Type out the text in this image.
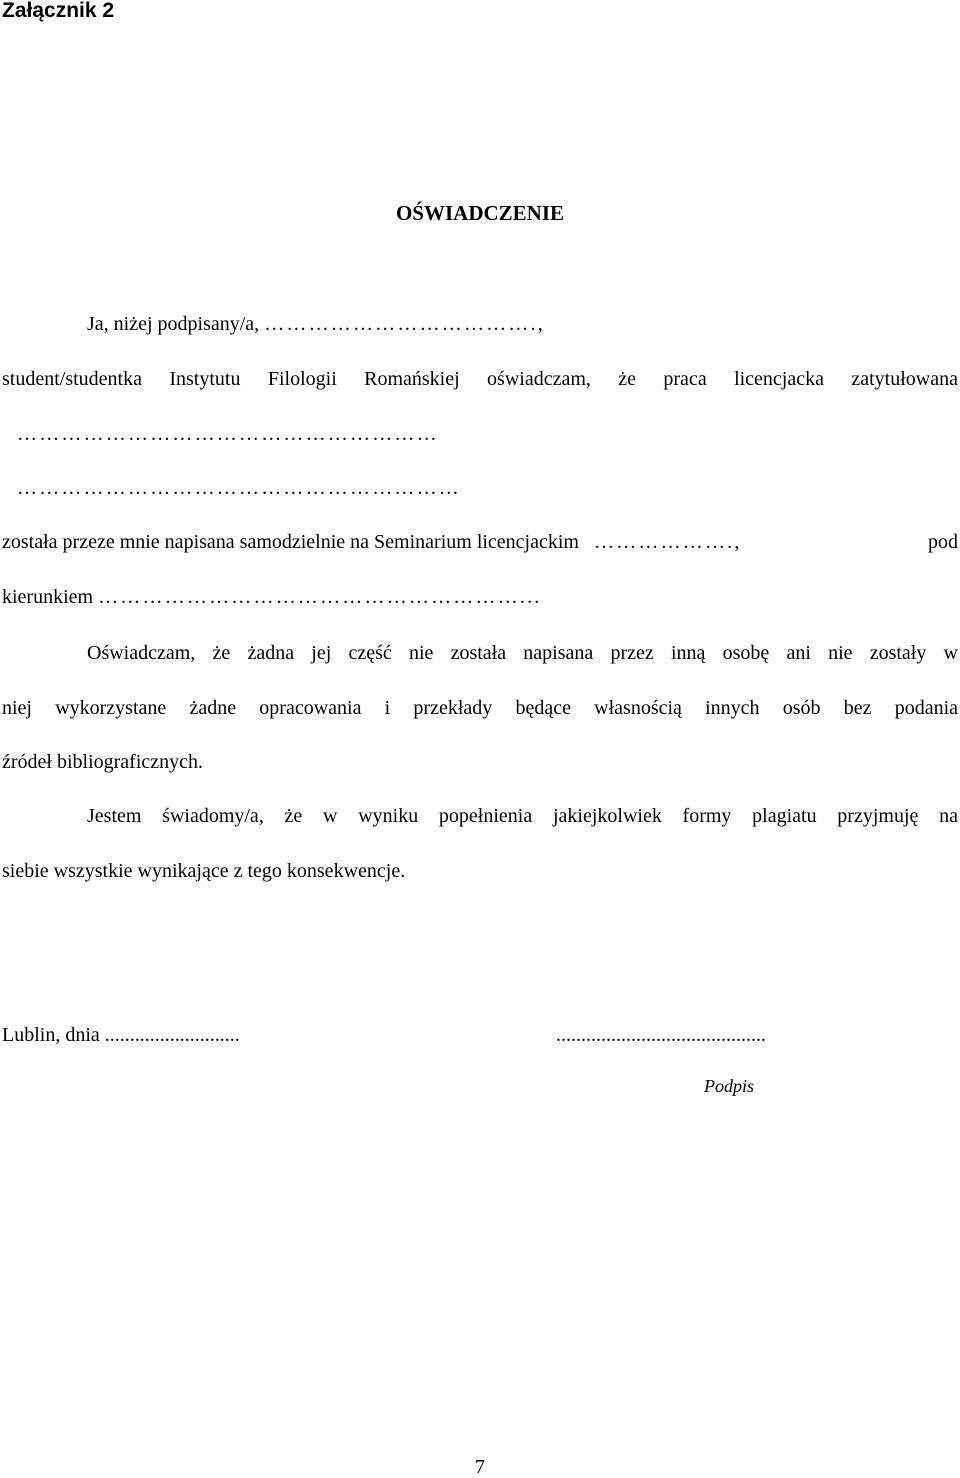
Załącznik 2
OŚWIADCZENIE
Ja, niżej podpisany/a, ……………………………….,
student/studentka Instytutu Filologii Romańskiej oświadczam, że praca licencjacka zatytułowana
…………………………………………………
……………………………………………………
została przeze mnie napisana samodzielnie na Seminarium licencjackim ……………….,	pod
kierunkiem …………………………………………………...
Oświadczam, że żadna jej część nie została napisana przez inną osobę ani nie zostały w
niej wykorzystane żadne opracowania i przekłady będące własnością innych osób bez podania
źródeł bibliograficznych.
Jestem świadomy/a, że w wyniku popełnienia jakiejkolwiek formy plagiatu przyjmuję na
siebie wszystkie wynikające z tego konsekwencje.
Lublin, dnia ...........................	..........................................
Podpis
7
